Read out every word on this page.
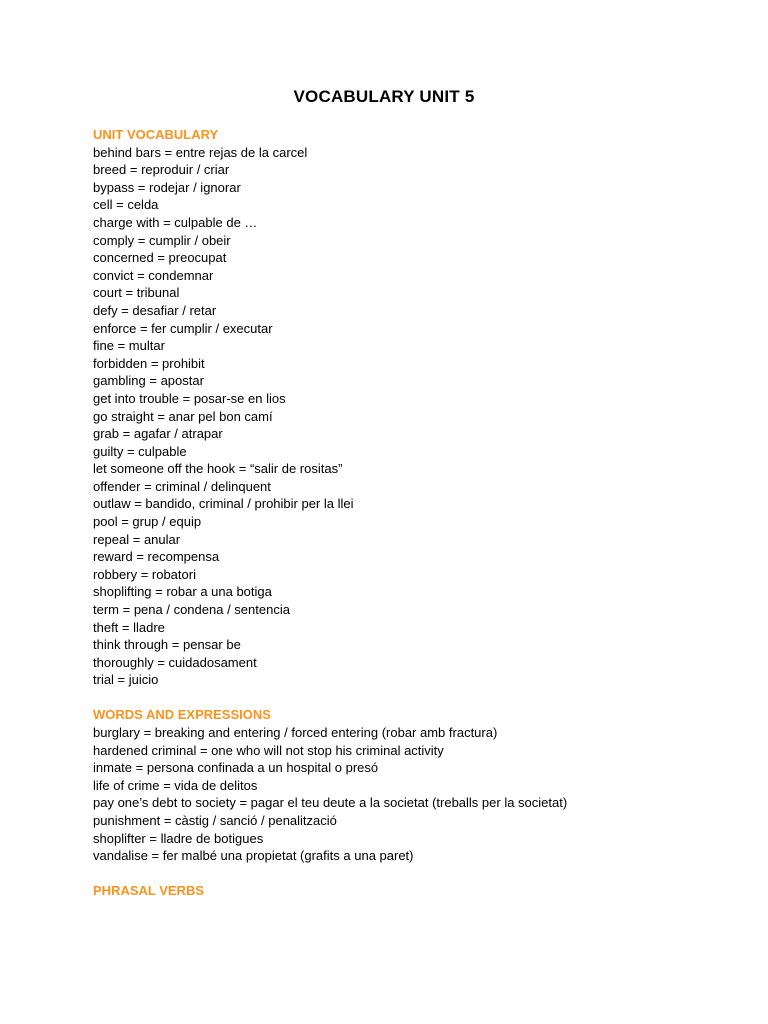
VOCABULARY UNIT 5
UNIT VOCABULARY
behind bars = entre rejas de la carcel
breed = reproduir / criar
bypass = rodejar / ignorar
cell = celda
charge with = culpable de …
comply = cumplir / obeir
concerned = preocupat
convict = condemnar
court = tribunal
defy = desafiar / retar
enforce = fer cumplir / executar
fine = multar
forbidden = prohibit
gambling = apostar
get into trouble = posar-se en lios
go straight = anar pel bon camí
grab = agafar / atrapar
guilty = culpable
let someone off the hook = “salir de rositas”
offender = criminal / delinquent
outlaw = bandido, criminal / prohibir per la llei
pool = grup / equip
repeal = anular
reward = recompensa
robbery = robatori
shoplifting = robar a una botiga
term = pena / condena / sentencia
theft = lladre
think through = pensar be
thoroughly = cuidadosament
trial = juicio
WORDS AND EXPRESSIONS
burglary = breaking and entering / forced entering (robar amb fractura)
hardened criminal = one who will not stop his criminal activity
inmate = persona confinada a un hospital o presó
life of crime = vida de delitos
pay one’s debt to society = pagar el teu deute a la societat (treballs per la societat)
punishment = càstig / sanció / penalització
shoplifter = lladre de botigues
vandalise = fer malbé una propietat (grafits a una paret)
PHRASAL VERBS
